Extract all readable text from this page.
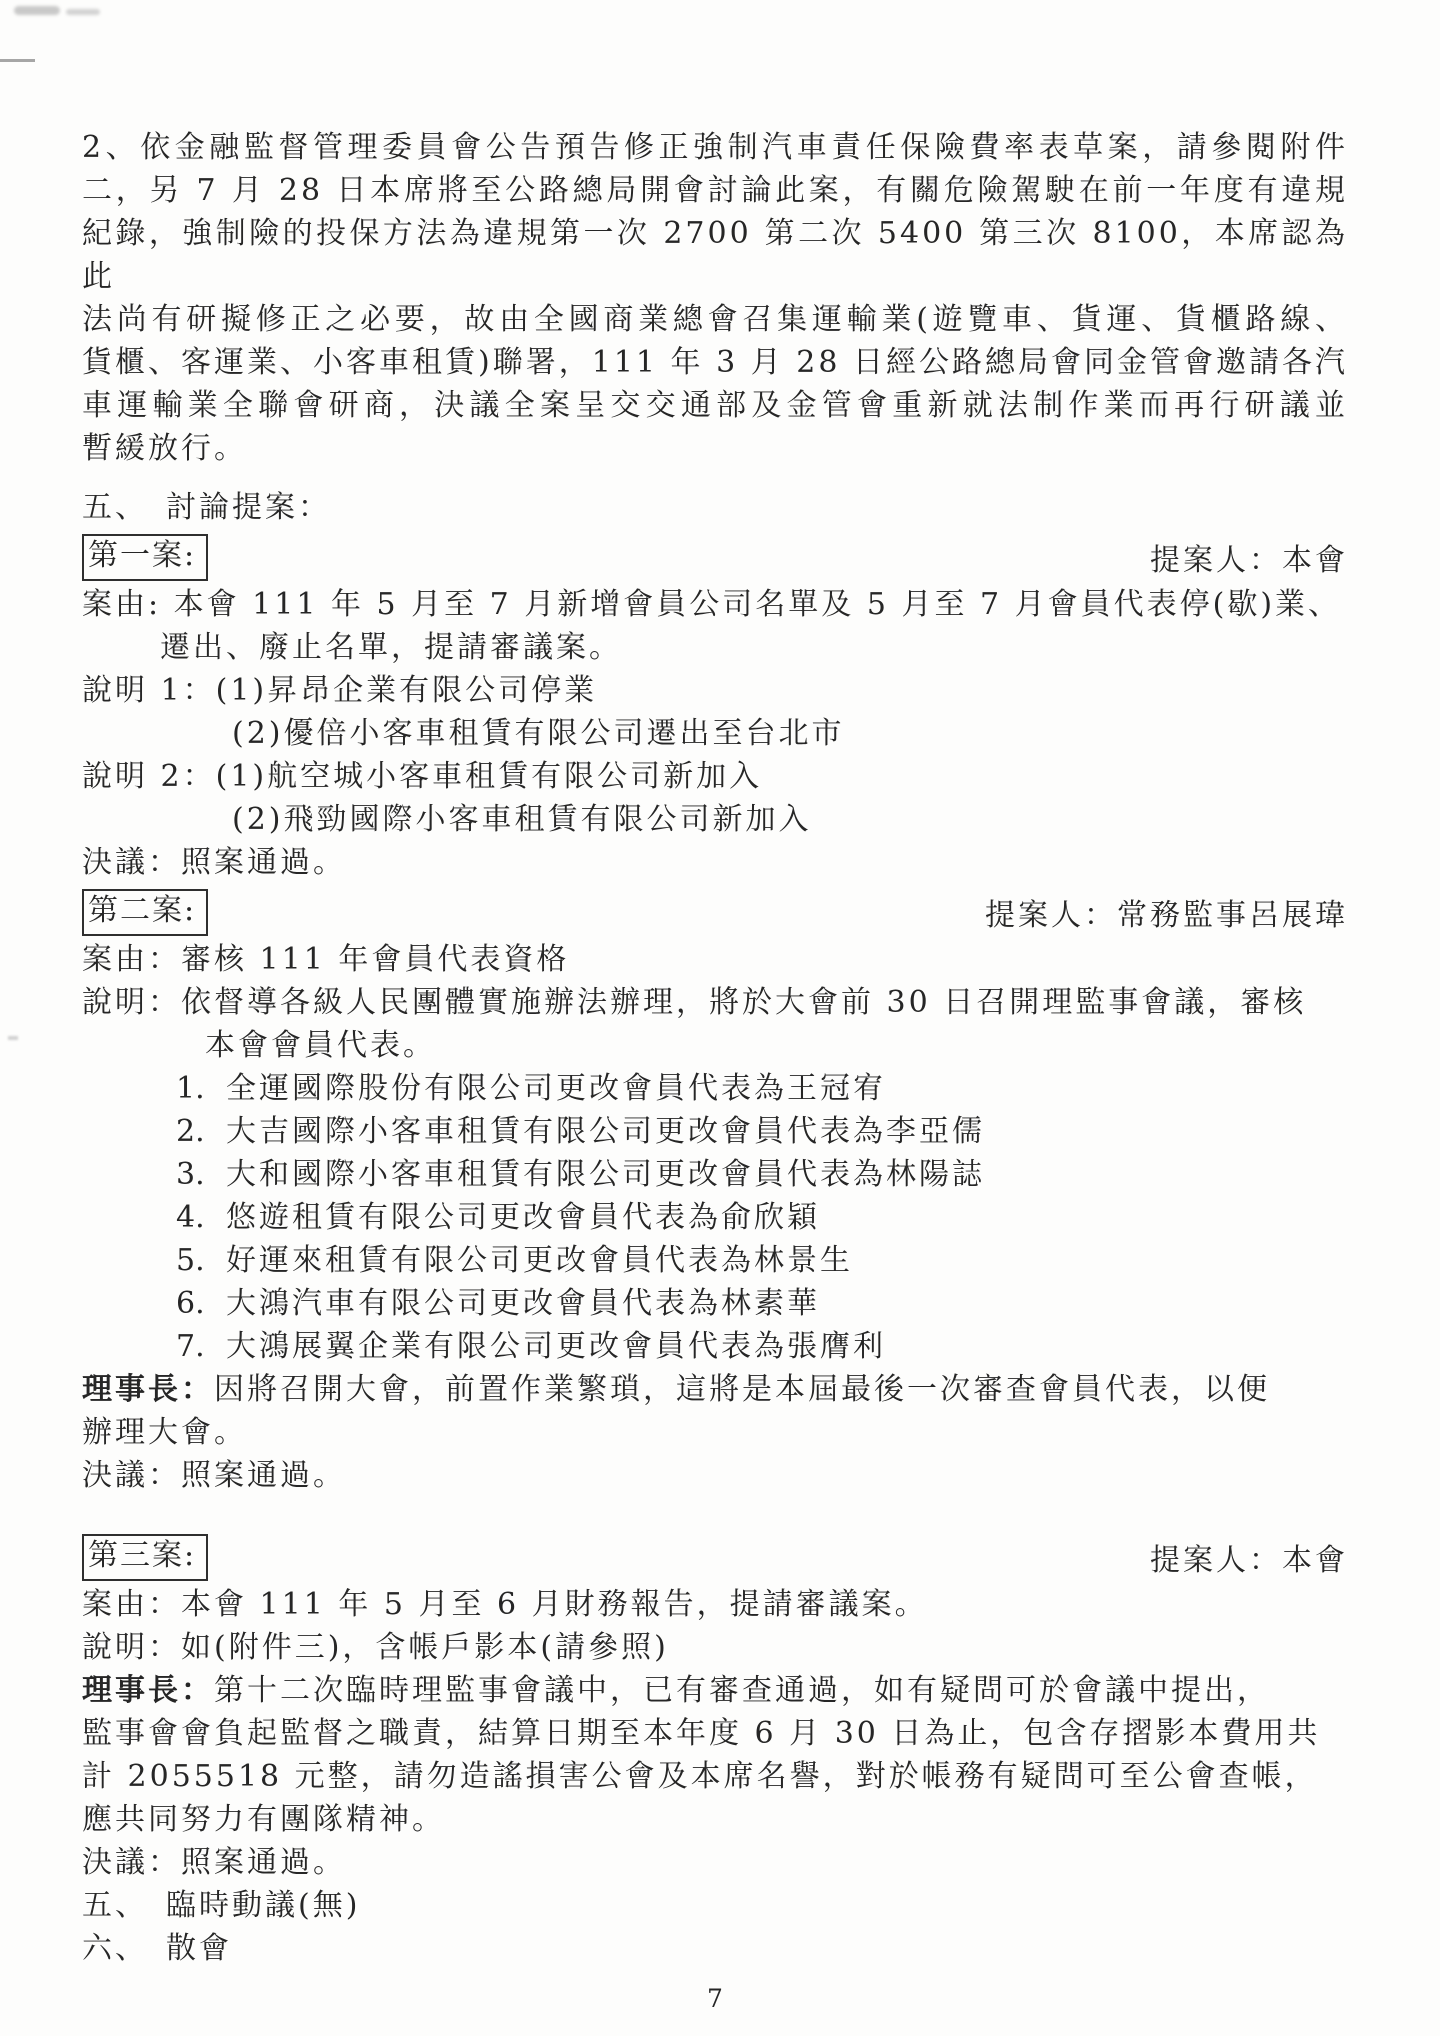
2、依金融監督管理委員會公告預告修正強制汽車責任保險費率表草案，請參閱附件
二，另 7 月 28 日本席將至公路總局開會討論此案，有關危險駕駛在前一年度有違規
紀錄，強制險的投保方法為違規第一次 2700 第二次 5400 第三次 8100，本席認為此
法尚有研擬修正之必要，故由全國商業總會召集運輸業(遊覽車、貨運、貨櫃路線、
貨櫃、客運業、小客車租賃)聯署，111 年 3 月 28 日經公路總局會同金管會邀請各汽
車運輸業全聯會研商，決議全案呈交交通部及金管會重新就法制作業而再行研議並
暫緩放行。
五、　討論提案：
第一案:	提案人：本會
案由: 本會 111 年 5 月至 7 月新增會員公司名單及 5 月至 7 月會員代表停(歇)業、
遷出、廢止名單，提請審議案。
說明 1：(1)昇昂企業有限公司停業
(2)優倍小客車租賃有限公司遷出至台北市
說明 2：(1)航空城小客車租賃有限公司新加入
(2)飛勁國際小客車租賃有限公司新加入
決議：照案通過。
第二案:	提案人：常務監事呂展瑋
案由：審核 111 年會員代表資格
說明：依督導各級人民團體實施辦法辦理，將於大會前 30 日召開理監事會議，審核
本會會員代表。
1. 全運國際股份有限公司更改會員代表為王冠宥
2. 大吉國際小客車租賃有限公司更改會員代表為李亞儒
3. 大和國際小客車租賃有限公司更改會員代表為林陽誌
4. 悠遊租賃有限公司更改會員代表為俞欣穎
5. 好運來租賃有限公司更改會員代表為林景生
6. 大鴻汽車有限公司更改會員代表為林素華
7. 大鴻展翼企業有限公司更改會員代表為張膺利
理事長：因將召開大會，前置作業繁瑣，這將是本屆最後一次審查會員代表，以便
辦理大會。
決議：照案通過。
第三案:	提案人：本會
案由：本會 111 年 5 月至 6 月財務報告，提請審議案。
說明：如(附件三)，含帳戶影本(請參照)
理事長：第十二次臨時理監事會議中，已有審查通過，如有疑問可於會議中提出，
監事會會負起監督之職責，結算日期至本年度 6 月 30 日為止，包含存摺影本費用共
計 2055518 元整，請勿造謠損害公會及本席名譽，對於帳務有疑問可至公會查帳，
應共同努力有團隊精神。
決議：照案通過。
五、　臨時動議(無)
六、　散會
7
